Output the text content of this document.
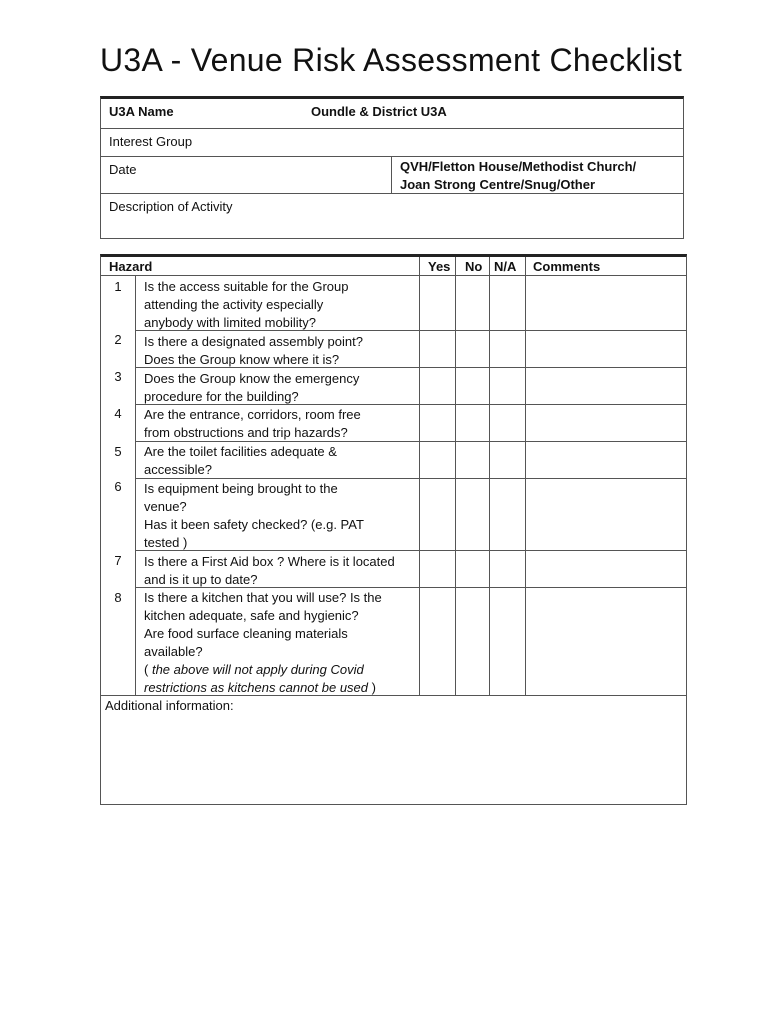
U3A - Venue Risk Assessment Checklist
U3A Name	Oundle & District U3A
Interest Group
Date	QVH/Fletton House/Methodist Church/
Joan Strong Centre/Snug/Other
Description of Activity
Hazard	Yes No N/A Comments
1	Is the access suitable for the Group

attending the activity especially

anybody with limited mobility?

2	Is there a designated assembly point?

Does the Group know where it is?

3	Does the Group know the emergency

procedure for the building?

4	Are the entrance, corridors, room free

from obstructions and trip hazards?

5	Are the toilet facilities adequate &

accessible?

6	Is equipment being brought to the

venue?

Has it been safety checked? (e.g. PAT

tested )

7	Is there a First Aid box ? Where is it located

and is it up to date?

8	Is there a kitchen that you will use? Is the

kitchen adequate, safe and hygienic?

Are food surface cleaning materials

available?

( the above will not apply during Covid

restrictions as kitchens cannot be used )

Additional information:
